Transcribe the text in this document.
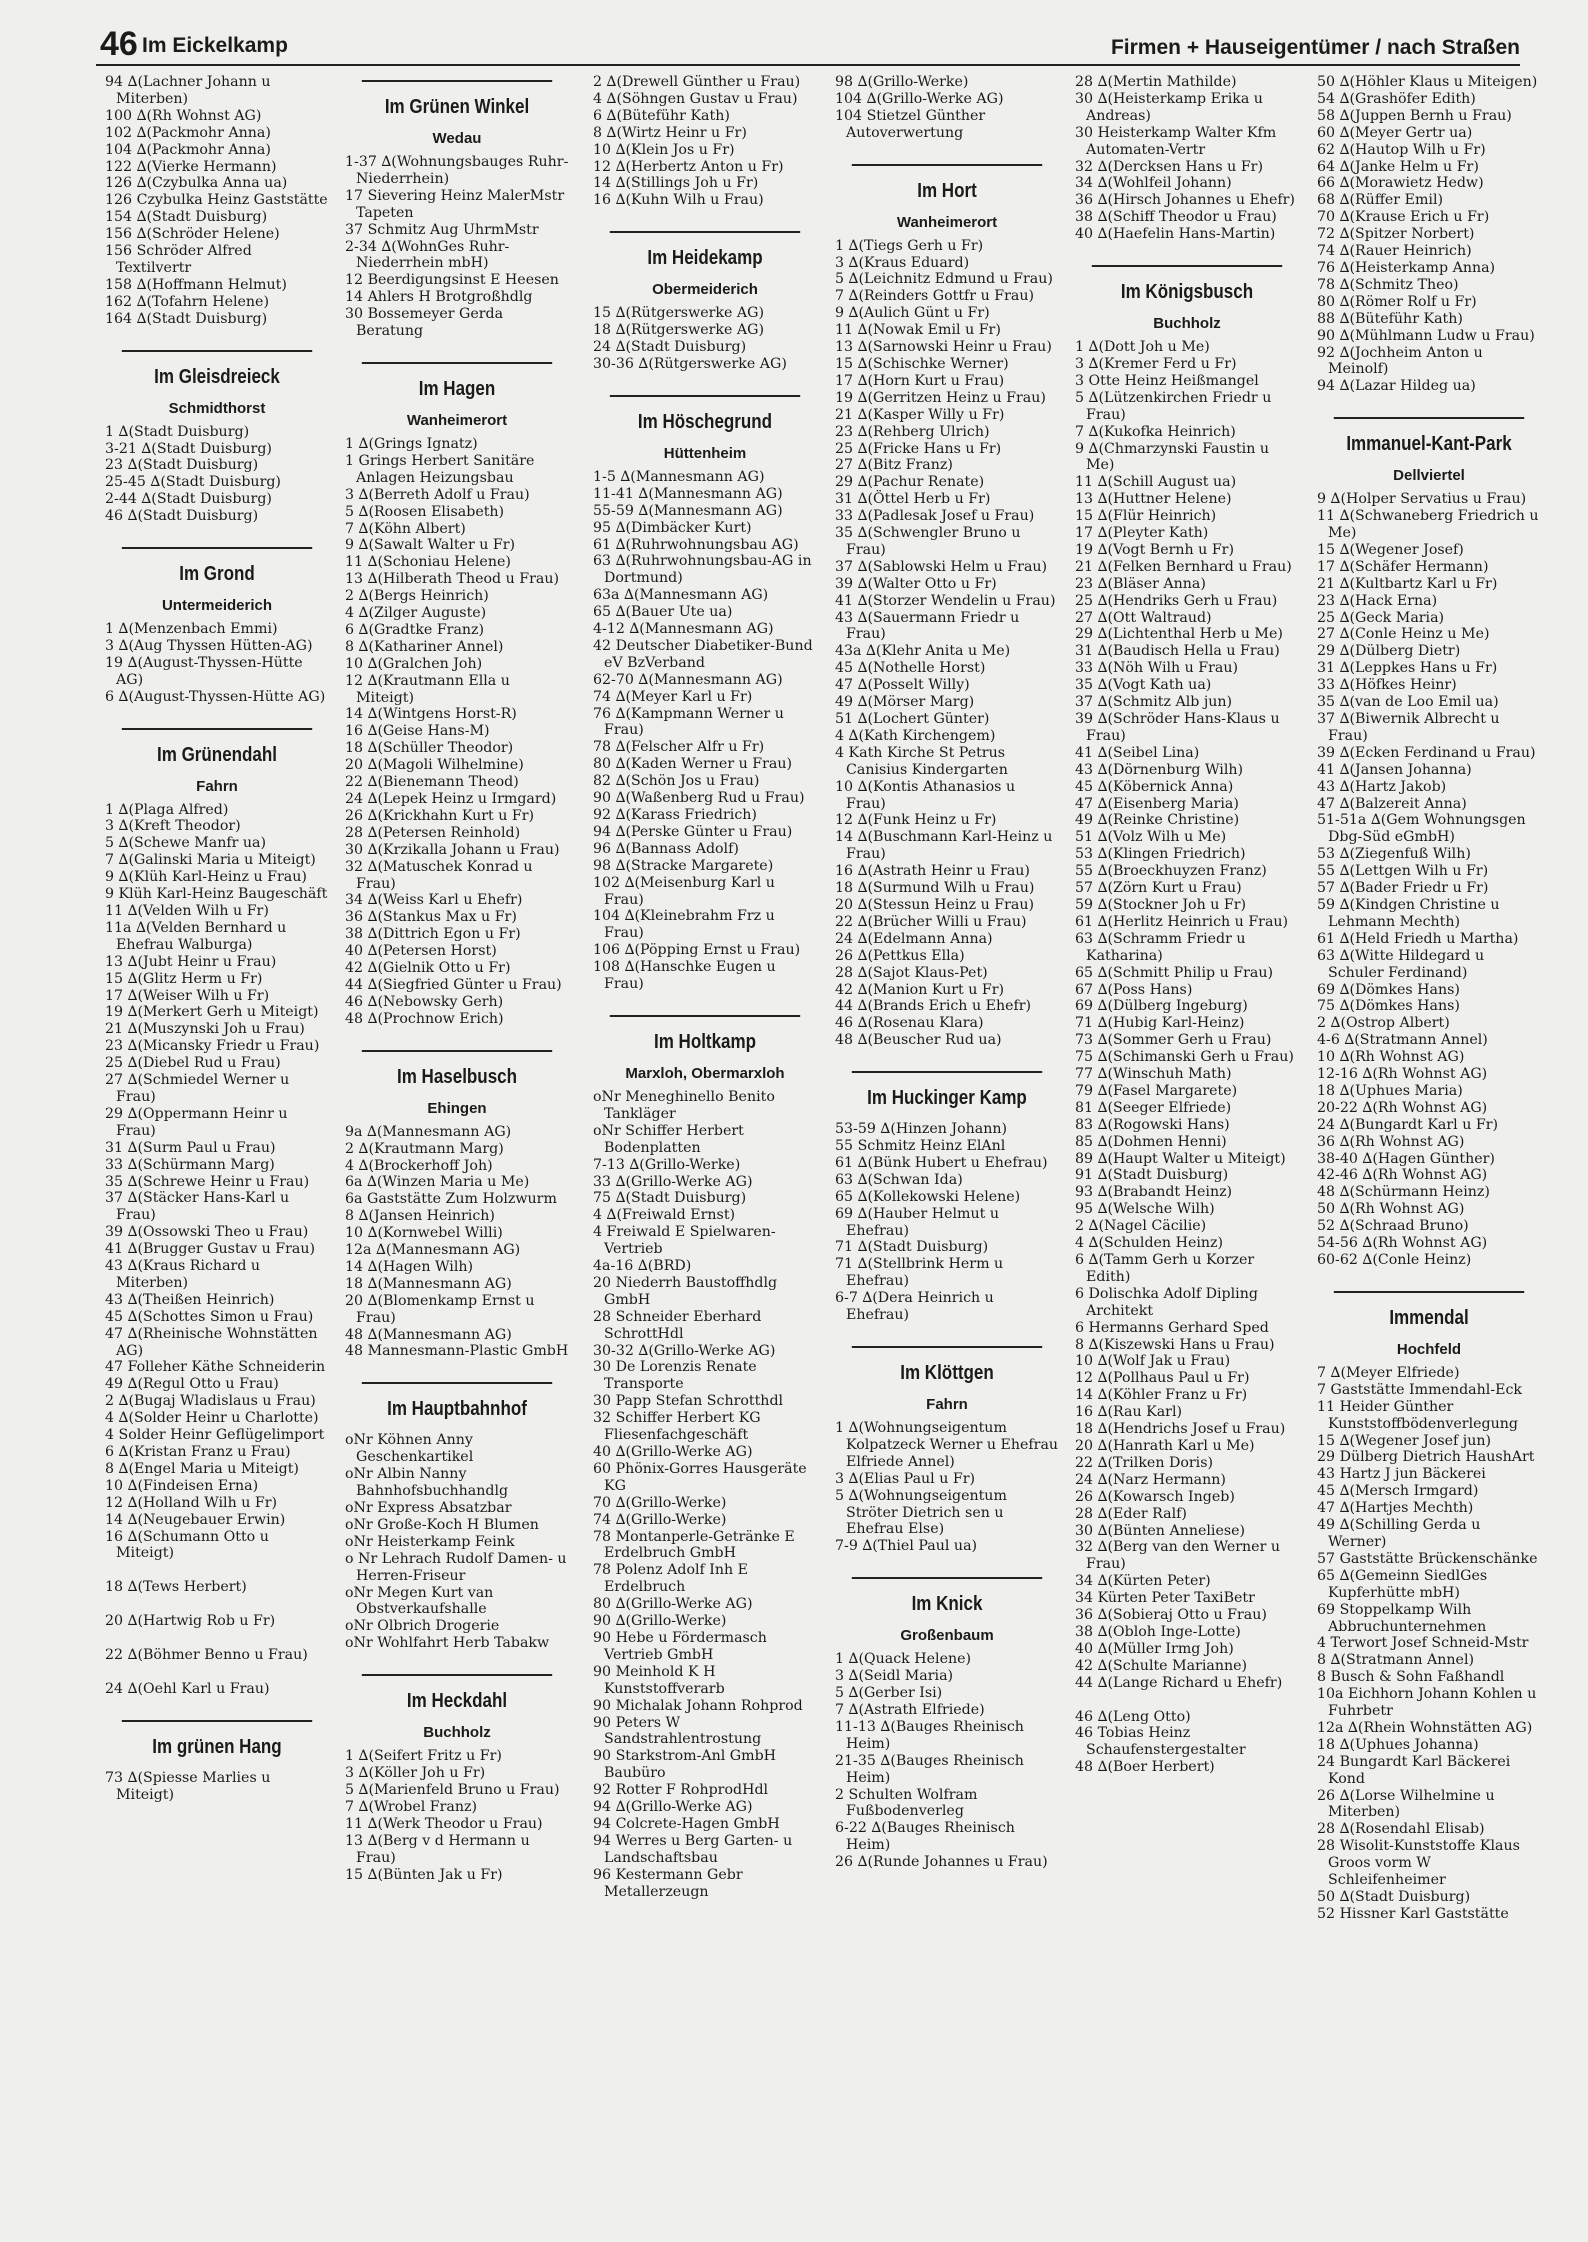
46 Im Eickelkamp	Firmen + Hauseigentümer / nach Straßen

94 ∆(Lachner Johann u Miterben)

100 ∆(Rh Wohnst AG)

102 ∆(Packmohr Anna)

104 ∆(Packmohr Anna)

122 ∆(Vierke Hermann)

126 ∆(Czybulka Anna ua)

126 Czybulka Heinz Gaststätte

154 ∆(Stadt Duisburg)

156 ∆(Schröder Helene)

156 Schröder Alfred Textilvertr

158 ∆(Hoffmann Helmut)

162 ∆(Tofahrn Helene)

164 ∆(Stadt Duisburg)

Im Gleisdreieck
Schmidthorst

1 ∆(Stadt Duisburg)

3-21 ∆(Stadt Duisburg)

23 ∆(Stadt Duisburg)

25-45 ∆(Stadt Duisburg)

2-44 ∆(Stadt Duisburg)

46 ∆(Stadt Duisburg)

Im Grond
Untermeiderich

1 ∆(Menzenbach Emmi)

3 ∆(Aug Thyssen Hütten-AG)

19 ∆(August-Thyssen-Hütte AG)

6 ∆(August-Thyssen-Hütte AG)

Im Grünendahl
Fahrn

1 ∆(Plaga Alfred)

3 ∆(Kreft Theodor)

5 ∆(Schewe Manfr ua)

7 ∆(Galinski Maria u Miteigt)

9 ∆(Klüh Karl-Heinz u Frau)

9 Klüh Karl-Heinz Baugeschäft

11 ∆(Velden Wilh u Fr)

11a ∆(Velden Bernhard u Ehefrau Walburga)

13 ∆(Jubt Heinr u Frau)

15 ∆(Glitz Herm u Fr)

17 ∆(Weiser Wilh u Fr)

19 ∆(Merkert Gerh u Miteigt)

21 ∆(Muszynski Joh u Frau)

23 ∆(Micansky Friedr u Frau)

25 ∆(Diebel Rud u Frau)

27 ∆(Schmiedel Werner u Frau)

29 ∆(Oppermann Heinr u Frau)

31 ∆(Surm Paul u Frau)

33 ∆(Schürmann Marg)

35 ∆(Schrewe Heinr u Frau)

37 ∆(Stäcker Hans-Karl u Frau)

39 ∆(Ossowski Theo u Frau)

41 ∆(Brugger Gustav u Frau)

43 ∆(Kraus Richard u Miterben)

43 ∆(Theißen Heinrich)

45 ∆(Schottes Simon u Frau)

47 ∆(Rheinische Wohnstätten AG)

47 Folleher Käthe Schneiderin

49 ∆(Regul Otto u Frau)

2 ∆(Bugaj Wladislaus u Frau)

4 ∆(Solder Heinr u Charlotte)

4 Solder Heinr Geflügelimport

6 ∆(Kristan Franz u Frau)

8 ∆(Engel Maria u Miteigt)

10 ∆(Findeisen Erna)

12 ∆(Holland Wilh u Fr)

14 ∆(Neugebauer Erwin)

16 ∆(Schumann Otto u Miteigt)

18 ∆(Tews Herbert)

20 ∆(Hartwig Rob u Fr)

22 ∆(Böhmer Benno u Frau)

24 ∆(Oehl Karl u Frau)

Im grünen Hang

73 ∆(Spiesse Marlies u Miteigt)

Im Grünen Winkel
Wedau

1-37 ∆(Wohnungsbauges Ruhr-Niederrhein)

17 Sievering Heinz MalerMstr Tapeten

37 Schmitz Aug UhrmMstr

2-34 ∆(WohnGes Ruhr-Niederrhein mbH)

12 Beerdigungsinst E Heesen

14 Ahlers H Brotgroßhdlg

30 Bossemeyer Gerda Beratung

Im Hagen
Wanheimerort

1 ∆(Grings Ignatz)

1 Grings Herbert Sanitäre Anlagen Heizungsbau

3 ∆(Berreth Adolf u Frau)

5 ∆(Roosen Elisabeth)

7 ∆(Köhn Albert)

9 ∆(Sawalt Walter u Fr)

11 ∆(Schoniau Helene)

13 ∆(Hilberath Theod u Frau)

2 ∆(Bergs Heinrich)

4 ∆(Zilger Auguste)

6 ∆(Gradtke Franz)

8 ∆(Kathariner Annel)

10 ∆(Gralchen Joh)

12 ∆(Krautmann Ella u Miteigt)

14 ∆(Wintgens Horst-R)

16 ∆(Geise Hans-M)

18 ∆(Schüller Theodor)

20 ∆(Magoli Wilhelmine)

22 ∆(Bienemann Theod)

24 ∆(Lepek Heinz u Irmgard)

26 ∆(Krickhahn Kurt u Fr)

28 ∆(Petersen Reinhold)

30 ∆(Krzikalla Johann u Frau)

32 ∆(Matuschek Konrad u Frau)

34 ∆(Weiss Karl u Ehefr)

36 ∆(Stankus Max u Fr)

38 ∆(Dittrich Egon u Fr)

40 ∆(Petersen Horst)

42 ∆(Gielnik Otto u Fr)

44 ∆(Siegfried Günter u Frau)

46 ∆(Nebowsky Gerh)

48 ∆(Prochnow Erich)

Im Haselbusch
Ehingen

9a ∆(Mannesmann AG)

2 ∆(Krautmann Marg)

4 ∆(Brockerhoff Joh)

6a ∆(Winzen Maria u Me)

6a Gaststätte Zum Holzwurm

8 ∆(Jansen Heinrich)

10 ∆(Kornwebel Willi)

12a ∆(Mannesmann AG)

14 ∆(Hagen Wilh)

18 ∆(Mannesmann AG)

20 ∆(Blomenkamp Ernst u Frau)

48 ∆(Mannesmann AG)

48 Mannesmann-Plastic GmbH

Im Hauptbahnhof

oNr Köhnen Anny Geschenkartikel

oNr Albin Nanny Bahnhofsbuchhandlg

oNr Express Absatzbar

oNr Große-Koch H Blumen

oNr Heisterkamp Feink

o Nr Lehrach Rudolf Damen- u Herren-Friseur

oNr Megen Kurt van Obstverkaufshalle

oNr Olbrich Drogerie

oNr Wohlfahrt Herb Tabakw

Im Heckdahl
Buchholz

1 ∆(Seifert Fritz u Fr)

3 ∆(Köller Joh u Fr)

5 ∆(Marienfeld Bruno u Frau)

7 ∆(Wrobel Franz)

11 ∆(Werk Theodor u Frau)

13 ∆(Berg v d Hermann u Frau)

15 ∆(Bünten Jak u Fr)

2 ∆(Drewell Günther u Frau)

4 ∆(Söhngen Gustav u Frau)

6 ∆(Büteführ Kath)

8 ∆(Wirtz Heinr u Fr)

10 ∆(Klein Jos u Fr)

12 ∆(Herbertz Anton u Fr)

14 ∆(Stillings Joh u Fr)

16 ∆(Kuhn Wilh u Frau)

Im Heidekamp
Obermeiderich

15 ∆(Rütgerswerke AG)

18 ∆(Rütgerswerke AG)

24 ∆(Stadt Duisburg)

30-36 ∆(Rütgerswerke AG)

Im Höschegrund
Hüttenheim

1-5 ∆(Mannesmann AG)

11-41 ∆(Mannesmann AG)

55-59 ∆(Mannesmann AG)

95 ∆(Dimbäcker Kurt)

61 ∆(Ruhrwohnungsbau AG)

63 ∆(Ruhrwohnungsbau-AG in Dortmund)

63a ∆(Mannesmann AG)

65 ∆(Bauer Ute ua)

4-12 ∆(Mannesmann AG)

42 Deutscher Diabetiker-Bund eV BzVerband

62-70 ∆(Mannesmann AG)

74 ∆(Meyer Karl u Fr)

76 ∆(Kampmann Werner u Frau)

78 ∆(Felscher Alfr u Fr)

80 ∆(Kaden Werner u Frau)

82 ∆(Schön Jos u Frau)

90 ∆(Waßenberg Rud u Frau)

92 ∆(Karass Friedrich)

94 ∆(Perske Günter u Frau)

96 ∆(Bannass Adolf)

98 ∆(Stracke Margarete)

102 ∆(Meisenburg Karl u Frau)

104 ∆(Kleinebrahm Frz u Frau)

106 ∆(Pöpping Ernst u Frau)

108 ∆(Hanschke Eugen u Frau)

Im Holtkamp
Marxloh, Obermarxloh

oNr Meneghinello Benito Tankläger

oNr Schiffer Herbert Bodenplatten

7-13 ∆(Grillo-Werke)

33 ∆(Grillo-Werke AG)

75 ∆(Stadt Duisburg)

4 ∆(Freiwald Ernst)

4 Freiwald E Spielwaren-Vertrieb

4a-16 ∆(BRD)

20 Niederrh Baustoffhdlg GmbH

28 Schneider Eberhard SchrottHdl

30-32 ∆(Grillo-Werke AG)

30 De Lorenzis Renate Transporte

30 Papp Stefan Schrotthdl

32 Schiffer Herbert KG Fliesenfachgeschäft

40 ∆(Grillo-Werke AG)

60 Phönix-Gorres Hausgeräte KG

70 ∆(Grillo-Werke)

74 ∆(Grillo-Werke)

78 Montanperle-Getränke E Erdelbruch GmbH

78 Polenz Adolf Inh E Erdelbruch

80 ∆(Grillo-Werke AG)

90 ∆(Grillo-Werke)

90 Hebe u Fördermasch Vertrieb GmbH

90 Meinhold K H Kunststoffverarb

90 Michalak Johann Rohprod

90 Peters W Sandstrahlentrostung

90 Starkstrom-Anl GmbH Baubüro

92 Rotter F RohprodHdl

94 ∆(Grillo-Werke AG)

94 Colcrete-Hagen GmbH

94 Werres u Berg Garten- u Landschaftsbau

96 Kestermann Gebr Metallerzeugn

98 ∆(Grillo-Werke)

104 ∆(Grillo-Werke AG)

104 Stietzel Günther Autoverwertung

Im Hort
Wanheimerort

1 ∆(Tiegs Gerh u Fr)

3 ∆(Kraus Eduard)

5 ∆(Leichnitz Edmund u Frau)

7 ∆(Reinders Gottfr u Frau)

9 ∆(Aulich Günt u Fr)

11 ∆(Nowak Emil u Fr)

13 ∆(Sarnowski Heinr u Frau)

15 ∆(Schischke Werner)

17 ∆(Horn Kurt u Frau)

19 ∆(Gerritzen Heinz u Frau)

21 ∆(Kasper Willy u Fr)

23 ∆(Rehberg Ulrich)

25 ∆(Fricke Hans u Fr)

27 ∆(Bitz Franz)

29 ∆(Pachur Renate)

31 ∆(Öttel Herb u Fr)

33 ∆(Padlesak Josef u Frau)

35 ∆(Schwengler Bruno u Frau)

37 ∆(Sablowski Helm u Frau)

39 ∆(Walter Otto u Fr)

41 ∆(Storzer Wendelin u Frau)

43 ∆(Sauermann Friedr u Frau)

43a ∆(Klehr Anita u Me)

45 ∆(Nothelle Horst)

47 ∆(Posselt Willy)

49 ∆(Mörser Marg)

51 ∆(Lochert Günter)

4 ∆(Kath Kirchengem)

4 Kath Kirche St Petrus Canisius Kindergarten

10 ∆(Kontis Athanasios u Frau)

12 ∆(Funk Heinz u Fr)

14 ∆(Buschmann Karl-Heinz u Frau)

16 ∆(Astrath Heinr u Frau)

18 ∆(Surmund Wilh u Frau)

20 ∆(Stessun Heinz u Frau)

22 ∆(Brücher Willi u Frau)

24 ∆(Edelmann Anna)

26 ∆(Pettkus Ella)

28 ∆(Sajot Klaus-Pet)

42 ∆(Manion Kurt u Fr)

44 ∆(Brands Erich u Ehefr)

46 ∆(Rosenau Klara)

48 ∆(Beuscher Rud ua)

Im Huckinger Kamp

53-59 ∆(Hinzen Johann)

55 Schmitz Heinz ElAnl

61 ∆(Bünk Hubert u Ehefrau)

63 ∆(Schwan Ida)

65 ∆(Kollekowski Helene)

69 ∆(Hauber Helmut u Ehefrau)

71 ∆(Stadt Duisburg)

71 ∆(Stellbrink Herm u Ehefrau)

6-7 ∆(Dera Heinrich u Ehefrau)

Im Klöttgen
Fahrn

1 ∆(Wohnungseigentum Kolpatzeck Werner u Ehefrau Elfriede Annel)

3 ∆(Elias Paul u Fr)

5 ∆(Wohnungseigentum Ströter Dietrich sen u Ehefrau Else)

7-9 ∆(Thiel Paul ua)

Im Knick
Großenbaum

1 ∆(Quack Helene)

3 ∆(Seidl Maria)

5 ∆(Gerber Isi)

7 ∆(Astrath Elfriede)

11-13 ∆(Bauges Rheinisch Heim)

21-35 ∆(Bauges Rheinisch Heim)

2 Schulten Wolfram Fußbodenverleg

6-22 ∆(Bauges Rheinisch Heim)

26 ∆(Runde Johannes u Frau)

28 ∆(Mertin Mathilde)

30 ∆(Heisterkamp Erika u Andreas)

30 Heisterkamp Walter Kfm Automaten-Vertr

32 ∆(Dercksen Hans u Fr)

34 ∆(Wohlfeil Johann)

36 ∆(Hirsch Johannes u Ehefr)

38 ∆(Schiff Theodor u Frau)

40 ∆(Haefelin Hans-Martin)

Im Königsbusch
Buchholz

1 ∆(Dott Joh u Me)

3 ∆(Kremer Ferd u Fr)

3 Otte Heinz Heißmangel

5 ∆(Lützenkirchen Friedr u Frau)

7 ∆(Kukofka Heinrich)

9 ∆(Chmarzynski Faustin u Me)

11 ∆(Schill August ua)

13 ∆(Huttner Helene)

15 ∆(Flür Heinrich)

17 ∆(Pleyter Kath)

19 ∆(Vogt Bernh u Fr)

21 ∆(Felken Bernhard u Frau)

23 ∆(Bläser Anna)

25 ∆(Hendriks Gerh u Frau)

27 ∆(Ott Waltraud)

29 ∆(Lichtenthal Herb u Me)

31 ∆(Baudisch Hella u Frau)

33 ∆(Nöh Wilh u Frau)

35 ∆(Vogt Kath ua)

37 ∆(Schmitz Alb jun)

39 ∆(Schröder Hans-Klaus u Frau)

41 ∆(Seibel Lina)

43 ∆(Dörnenburg Wilh)

45 ∆(Köbernick Anna)

47 ∆(Eisenberg Maria)

49 ∆(Reinke Christine)

51 ∆(Volz Wilh u Me)

53 ∆(Klingen Friedrich)

55 ∆(Broeckhuyzen Franz)

57 ∆(Zörn Kurt u Frau)

59 ∆(Stockner Joh u Fr)

61 ∆(Herlitz Heinrich u Frau)

63 ∆(Schramm Friedr u Katharina)

65 ∆(Schmitt Philip u Frau)

67 ∆(Poss Hans)

69 ∆(Dülberg Ingeburg)

71 ∆(Hubig Karl-Heinz)

73 ∆(Sommer Gerh u Frau)

75 ∆(Schimanski Gerh u Frau)

77 ∆(Winschuh Math)

79 ∆(Fasel Margarete)

81 ∆(Seeger Elfriede)

83 ∆(Rogowski Hans)

85 ∆(Dohmen Henni)

89 ∆(Haupt Walter u Miteigt)

91 ∆(Stadt Duisburg)

93 ∆(Brabandt Heinz)

95 ∆(Welsche Wilh)

2 ∆(Nagel Cäcilie)

4 ∆(Schulden Heinz)

6 ∆(Tamm Gerh u Korzer Edith)

6 Dolischka Adolf Dipling Architekt

6 Hermanns Gerhard Sped

8 ∆(Kiszewski Hans u Frau)

10 ∆(Wolf Jak u Frau)

12 ∆(Pollhaus Paul u Fr)

14 ∆(Köhler Franz u Fr)

16 ∆(Rau Karl)

18 ∆(Hendrichs Josef u Frau)

20 ∆(Hanrath Karl u Me)

22 ∆(Trilken Doris)

24 ∆(Narz Hermann)

26 ∆(Kowarsch Ingeb)

28 ∆(Eder Ralf)

30 ∆(Bünten Anneliese)

32 ∆(Berg van den Werner u Frau)

34 ∆(Kürten Peter)

34 Kürten Peter TaxiBetr

36 ∆(Sobieraj Otto u Frau)

38 ∆(Obloh Inge-Lotte)

40 ∆(Müller Irmg Joh)

42 ∆(Schulte Marianne)

44 ∆(Lange Richard u Ehefr)

46 ∆(Leng Otto)

46 Tobias Heinz Schaufenstergestalter

48 ∆(Boer Herbert)

50 ∆(Höhler Klaus u Miteigen)

54 ∆(Grashöfer Edith)

58 ∆(Juppen Bernh u Frau)

60 ∆(Meyer Gertr ua)

62 ∆(Hautop Wilh u Fr)

64 ∆(Janke Helm u Fr)

66 ∆(Morawietz Hedw)

68 ∆(Rüffer Emil)

70 ∆(Krause Erich u Fr)

72 ∆(Spitzer Norbert)

74 ∆(Rauer Heinrich)

76 ∆(Heisterkamp Anna)

78 ∆(Schmitz Theo)

80 ∆(Römer Rolf u Fr)

88 ∆(Büteführ Kath)

90 ∆(Mühlmann Ludw u Frau)

92 ∆(Jochheim Anton u Meinolf)

94 ∆(Lazar Hildeg ua)

Immanuel-Kant-Park
Dellviertel

9 ∆(Holper Servatius u Frau)

11 ∆(Schwaneberg Friedrich u Me)

15 ∆(Wegener Josef)

17 ∆(Schäfer Hermann)

21 ∆(Kultbartz Karl u Fr)

23 ∆(Hack Erna)

25 ∆(Geck Maria)

27 ∆(Conle Heinz u Me)

29 ∆(Dülberg Dietr)

31 ∆(Leppkes Hans u Fr)

33 ∆(Höfkes Heinr)

35 ∆(van de Loo Emil ua)

37 ∆(Biwernik Albrecht u Frau)

39 ∆(Ecken Ferdinand u Frau)

41 ∆(Jansen Johanna)

43 ∆(Hartz Jakob)

47 ∆(Balzereit Anna)

51-51a ∆(Gem Wohnungsgen Dbg-Süd eGmbH)

53 ∆(Ziegenfuß Wilh)

55 ∆(Lettgen Wilh u Fr)

57 ∆(Bader Friedr u Fr)

59 ∆(Kindgen Christine u Lehmann Mechth)

61 ∆(Held Friedh u Martha)

63 ∆(Witte Hildegard u Schuler Ferdinand)

69 ∆(Dömkes Hans)

75 ∆(Dömkes Hans)

2 ∆(Ostrop Albert)

4-6 ∆(Stratmann Annel)

10 ∆(Rh Wohnst AG)

12-16 ∆(Rh Wohnst AG)

18 ∆(Uphues Maria)

20-22 ∆(Rh Wohnst AG)

24 ∆(Bungardt Karl u Fr)

36 ∆(Rh Wohnst AG)

38-40 ∆(Hagen Günther)

42-46 ∆(Rh Wohnst AG)

48 ∆(Schürmann Heinz)

50 ∆(Rh Wohnst AG)

52 ∆(Schraad Bruno)

54-56 ∆(Rh Wohnst AG)

60-62 ∆(Conle Heinz)

Immendal
Hochfeld

7 ∆(Meyer Elfriede)

7 Gaststätte Immendahl-Eck

11 Heider Günther Kunststoffbödenverlegung

15 ∆(Wegener Josef jun)

29 Dülberg Dietrich HaushArt

43 Hartz J jun Bäckerei

45 ∆(Mersch Irmgard)

47 ∆(Hartjes Mechth)

49 ∆(Schilling Gerda u Werner)

57 Gaststätte Brückenschänke

65 ∆(Gemeinn SiedlGes Kupferhütte mbH)

69 Stoppelkamp Wilh Abbruchunternehmen

4 Terwort Josef Schneid-Mstr

8 ∆(Stratmann Annel)

8 Busch & Sohn Faßhandl

10a Eichhorn Johann Kohlen u Fuhrbetr

12a ∆(Rhein Wohnstätten AG)

18 ∆(Uphues Johanna)

24 Bungardt Karl Bäckerei Kond

26 ∆(Lorse Wilhelmine u Miterben)

28 ∆(Rosendahl Elisab)

28 Wisolit-Kunststoffe Klaus Groos vorm W Schleifenheimer

50 ∆(Stadt Duisburg)

52 Hissner Karl Gaststätte
